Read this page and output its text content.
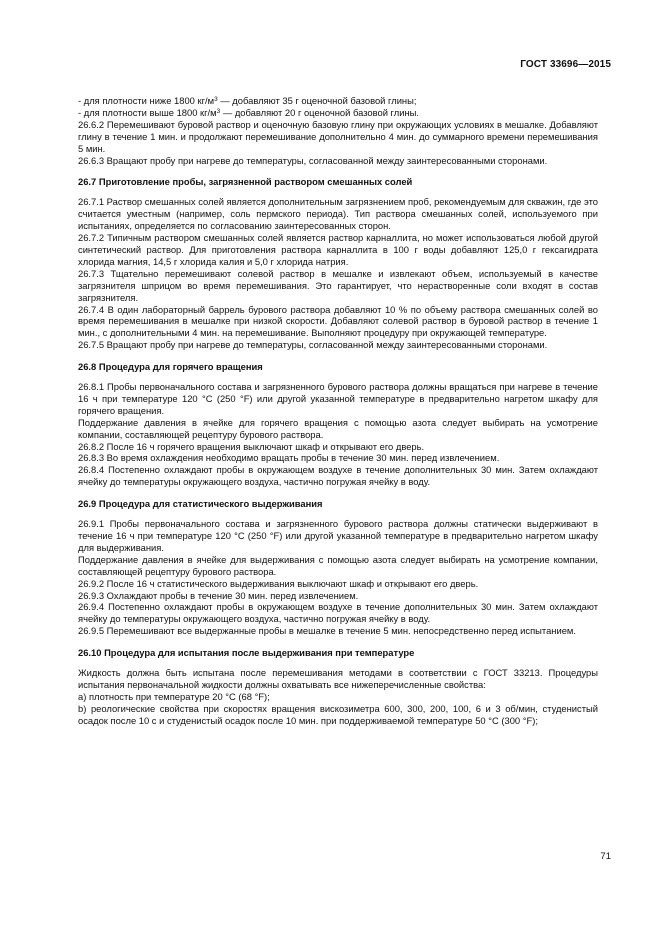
ГОСТ 33696—2015
- для плотности ниже 1800 $кг/м^3$ — добавляют 35 г оценочной базовой глины;
- для плотности выше 1800 $кг/м^3$ — добавляют 20 г оценочной базовой глины.
26.6.2 Перемешивают буровой раствор и оценочную базовую глину при окружающих условиях в мешалке. Добавляют глину в течение 1 мин. и продолжают перемешивание дополнительно 4 мин. до суммарного времени перемешивания 5 мин.
26.6.3 Вращают пробу при нагреве до температуры, согласованной между заинтересованными сторонами.
26.7 Приготовление пробы, загрязненной раствором смешанных солей
26.7.1 Раствор смешанных солей является дополнительным загрязнением проб, рекомендуемым для скважин, где это считается уместным (например, соль пермского периода). Тип раствора смешанных солей, используемого при испытаниях, определяется по согласованию заинтересованных сторон.
26.7.2 Типичным раствором смешанных солей является раствор карналлита, но может использоваться любой другой синтетический раствор. Для приготовления раствора карналлита в 100 г воды добавляют 125,0 г гексагидрата хлорида магния, 14,5 г хлорида калия и 5,0 г хлорида натрия.
26.7.3 Тщательно перемешивают солевой раствор в мешалке и извлекают объем, используемый в качестве загрязнителя шприцом во время перемешивания. Это гарантирует, что нерастворенные соли входят в состав загрязнителя.
26.7.4 В один лабораторный баррель бурового раствора добавляют 10 % по объему раствора смешанных солей во время перемешивания в мешалке при низкой скорости. Добавляют солевой раствор в буровой раствор в течение 1 мин., с дополнительными 4 мин. на перемешивание. Выполняют процедуру при окружающей температуре.
26.7.5 Вращают пробу при нагреве до температуры, согласованной между заинтересованными сторонами.
26.8 Процедура для горячего вращения
26.8.1 Пробы первоначального состава и загрязненного бурового раствора должны вращаться при нагреве в течение 16 ч при температуре 120 °С (250 °F) или другой указанной температуре в предварительно нагретом шкафу для горячего вращения.
Поддержание давления в ячейке для горячего вращения с помощью азота следует выбирать на усмотрение компании, составляющей рецептуру бурового раствора.
26.8.2 После 16 ч горячего вращения выключают шкаф и открывают его дверь.
26.8.3 Во время охлаждения необходимо вращать пробы в течение 30 мин. перед извлечением.
26.8.4 Постепенно охлаждают пробы в окружающем воздухе в течение дополнительных 30 мин. Затем охлаждают ячейку до температуры окружающего воздуха, частично погружая ячейку в воду.
26.9 Процедура для статистического выдерживания
26.9.1 Пробы первоначального состава и загрязненного бурового раствора должны статически выдерживают в течение 16 ч при температуре 120 °С (250 °F) или другой указанной температуре в предварительно нагретом шкафу для выдерживания.
Поддержание давления в ячейке для выдерживания с помощью азота следует выбирать на усмотрение компании, составляющей рецептуру бурового раствора.
26.9.2 После 16 ч статистического выдерживания выключают шкаф и открывают его дверь.
26.9.3 Охлаждают пробы в течение 30 мин. перед извлечением.
26.9.4 Постепенно охлаждают пробы в окружающем воздухе в течение дополнительных 30 мин. Затем охлаждают ячейку до температуры окружающего воздуха, частично погружая ячейку в воду.
26.9.5 Перемешивают все выдержанные пробы в мешалке в течение 5 мин. непосредственно перед испытанием.
26.10 Процедура для испытания после выдерживания при температуре
Жидкость должна быть испытана после перемешивания методами в соответствии с ГОСТ 33213. Процедуры испытания первоначальной жидкости должны охватывать все нижеперечисленные свойства:
а) плотность при температуре 20 °С (68 °F);
b) реологические свойства при скоростях вращения вискозиметра 600, 300, 200, 100, 6 и 3 об/мин, студенистый осадок после 10 с и студенистый осадок после 10 мин. при поддерживаемой температуре 50 °С (300 °F);
71
